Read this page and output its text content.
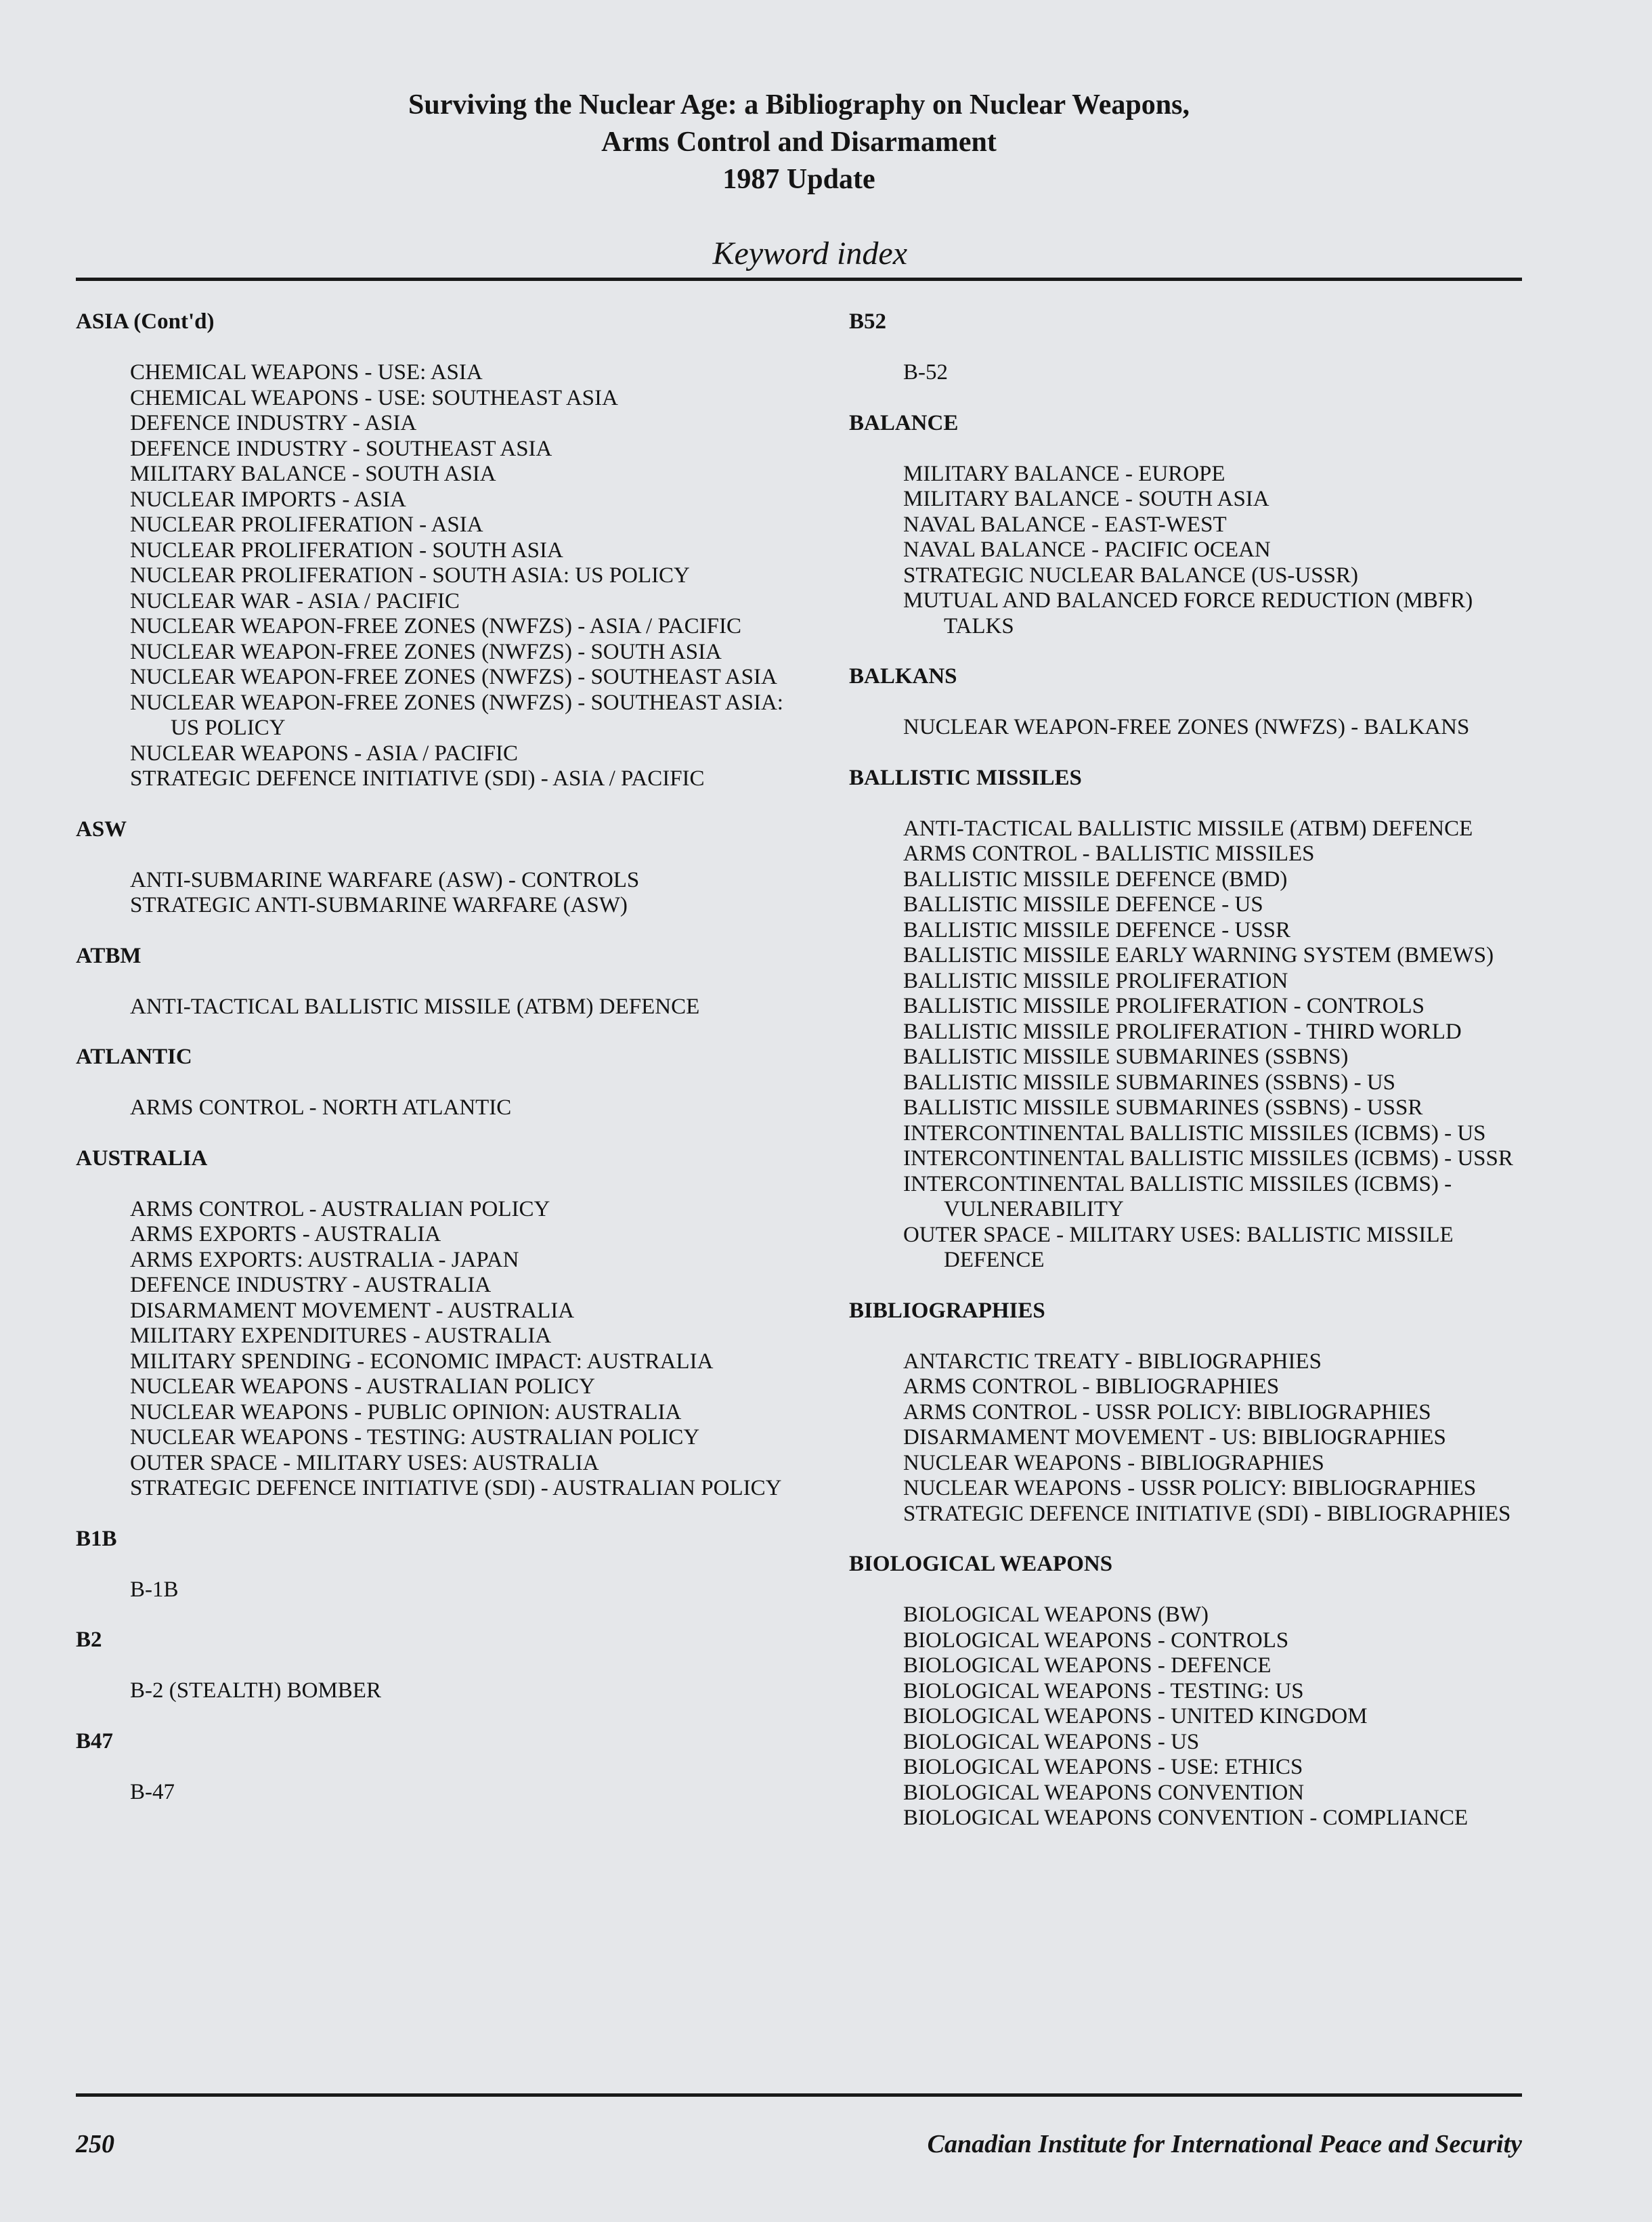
Surviving the Nuclear Age: a Bibliography on Nuclear Weapons,
Arms Control and Disarmament
1987 Update
Keyword index
ASIA (Cont'd)
CHEMICAL WEAPONS - USE: ASIA
CHEMICAL WEAPONS - USE: SOUTHEAST ASIA
DEFENCE INDUSTRY - ASIA
DEFENCE INDUSTRY - SOUTHEAST ASIA
MILITARY BALANCE - SOUTH ASIA
NUCLEAR IMPORTS - ASIA
NUCLEAR PROLIFERATION - ASIA
NUCLEAR PROLIFERATION - SOUTH ASIA
NUCLEAR PROLIFERATION - SOUTH ASIA: US POLICY
NUCLEAR WAR - ASIA / PACIFIC
NUCLEAR WEAPON-FREE ZONES (NWFZS) - ASIA / PACIFIC
NUCLEAR WEAPON-FREE ZONES (NWFZS) - SOUTH ASIA
NUCLEAR WEAPON-FREE ZONES (NWFZS) - SOUTHEAST ASIA
NUCLEAR WEAPON-FREE ZONES (NWFZS) - SOUTHEAST ASIA: US POLICY
NUCLEAR WEAPONS - ASIA / PACIFIC
STRATEGIC DEFENCE INITIATIVE (SDI) - ASIA / PACIFIC
ASW
ANTI-SUBMARINE WARFARE (ASW) - CONTROLS
STRATEGIC ANTI-SUBMARINE WARFARE (ASW)
ATBM
ANTI-TACTICAL BALLISTIC MISSILE (ATBM) DEFENCE
ATLANTIC
ARMS CONTROL - NORTH ATLANTIC
AUSTRALIA
ARMS CONTROL - AUSTRALIAN POLICY
ARMS EXPORTS - AUSTRALIA
ARMS EXPORTS: AUSTRALIA - JAPAN
DEFENCE INDUSTRY - AUSTRALIA
DISARMAMENT MOVEMENT - AUSTRALIA
MILITARY EXPENDITURES - AUSTRALIA
MILITARY SPENDING - ECONOMIC IMPACT: AUSTRALIA
NUCLEAR WEAPONS - AUSTRALIAN POLICY
NUCLEAR WEAPONS - PUBLIC OPINION: AUSTRALIA
NUCLEAR WEAPONS - TESTING: AUSTRALIAN POLICY
OUTER SPACE - MILITARY USES: AUSTRALIA
STRATEGIC DEFENCE INITIATIVE (SDI) - AUSTRALIAN POLICY
B1B
B-1B
B2
B-2 (STEALTH) BOMBER
B47
B-47
B52
B-52
BALANCE
MILITARY BALANCE - EUROPE
MILITARY BALANCE - SOUTH ASIA
NAVAL BALANCE - EAST-WEST
NAVAL BALANCE - PACIFIC OCEAN
STRATEGIC NUCLEAR BALANCE (US-USSR)
MUTUAL AND BALANCED FORCE REDUCTION (MBFR) TALKS
BALKANS
NUCLEAR WEAPON-FREE ZONES (NWFZS) - BALKANS
BALLISTIC MISSILES
ANTI-TACTICAL BALLISTIC MISSILE (ATBM) DEFENCE
ARMS CONTROL - BALLISTIC MISSILES
BALLISTIC MISSILE DEFENCE (BMD)
BALLISTIC MISSILE DEFENCE - US
BALLISTIC MISSILE DEFENCE - USSR
BALLISTIC MISSILE EARLY WARNING SYSTEM (BMEWS)
BALLISTIC MISSILE PROLIFERATION
BALLISTIC MISSILE PROLIFERATION - CONTROLS
BALLISTIC MISSILE PROLIFERATION - THIRD WORLD
BALLISTIC MISSILE SUBMARINES (SSBNS)
BALLISTIC MISSILE SUBMARINES (SSBNS) - US
BALLISTIC MISSILE SUBMARINES (SSBNS) - USSR
INTERCONTINENTAL BALLISTIC MISSILES (ICBMS) - US
INTERCONTINENTAL BALLISTIC MISSILES (ICBMS) - USSR
INTERCONTINENTAL BALLISTIC MISSILES (ICBMS) - VULNERABILITY
OUTER SPACE - MILITARY USES: BALLISTIC MISSILE DEFENCE
BIBLIOGRAPHIES
ANTARCTIC TREATY - BIBLIOGRAPHIES
ARMS CONTROL - BIBLIOGRAPHIES
ARMS CONTROL - USSR POLICY: BIBLIOGRAPHIES
DISARMAMENT MOVEMENT - US: BIBLIOGRAPHIES
NUCLEAR WEAPONS - BIBLIOGRAPHIES
NUCLEAR WEAPONS - USSR POLICY: BIBLIOGRAPHIES
STRATEGIC DEFENCE INITIATIVE (SDI) - BIBLIOGRAPHIES
BIOLOGICAL WEAPONS
BIOLOGICAL WEAPONS (BW)
BIOLOGICAL WEAPONS - CONTROLS
BIOLOGICAL WEAPONS - DEFENCE
BIOLOGICAL WEAPONS - TESTING: US
BIOLOGICAL WEAPONS - UNITED KINGDOM
BIOLOGICAL WEAPONS - US
BIOLOGICAL WEAPONS - USE: ETHICS
BIOLOGICAL WEAPONS CONVENTION
BIOLOGICAL WEAPONS CONVENTION - COMPLIANCE
250	Canadian Institute for International Peace and Security
